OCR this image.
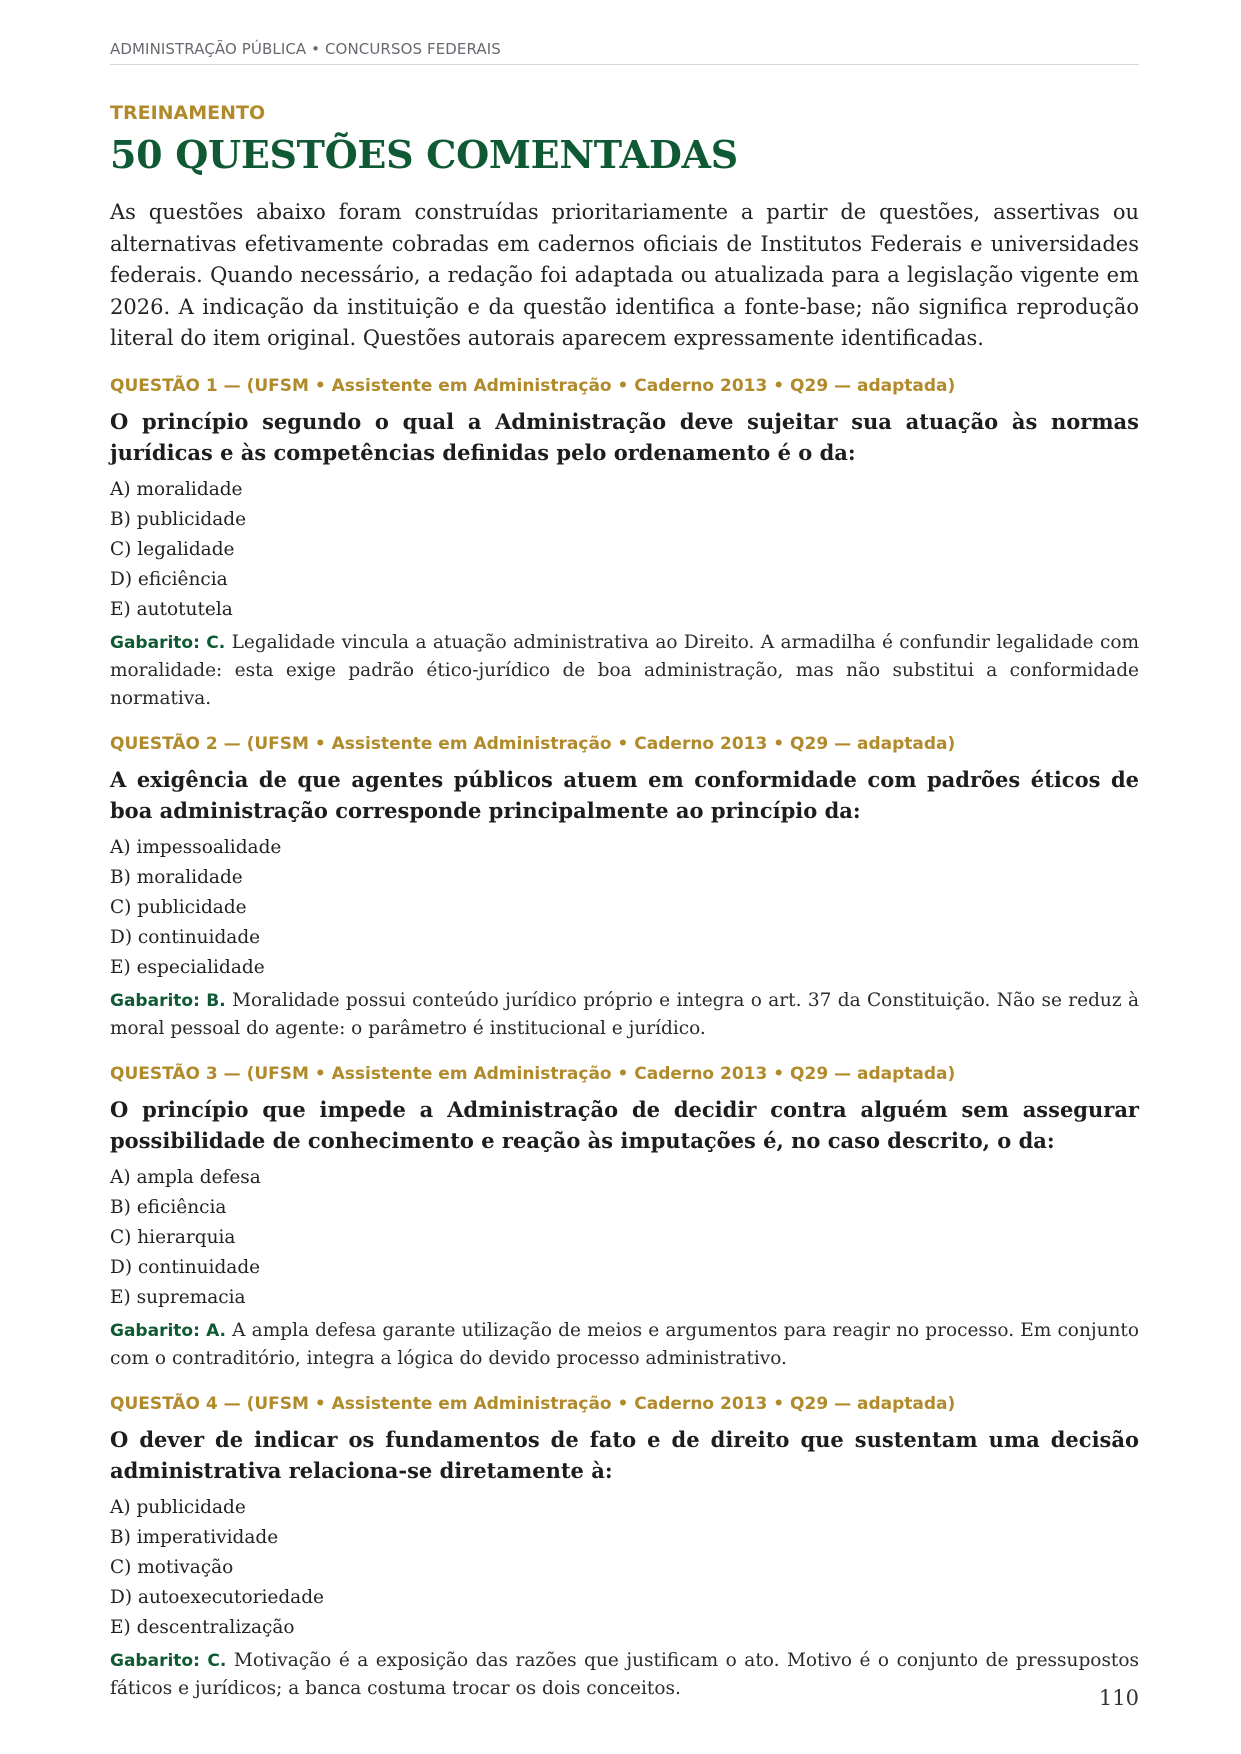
ADMINISTRAÇÃO PÚBLICA • CONCURSOS FEDERAIS

TREINAMENTO

50 QUESTÕES COMENTADAS

As questões abaixo foram construídas prioritariamente a partir de questões, assertivas ou alternativas efetivamente cobradas em cadernos oficiais de Institutos Federais e universidades federais. Quando necessário, a redação foi adaptada ou atualizada para a legislação vigente em 2026. A indicação da instituição e da questão identifica a fonte-base; não significa reprodução literal do item original. Questões autorais aparecem expressamente identificadas.

QUESTÃO 1 — (UFSM • Assistente em Administração • Caderno 2013 • Q29 — adaptada)
O princípio segundo o qual a Administração deve sujeitar sua atuação às normas jurídicas e às competências definidas pelo ordenamento é o da:
A) moralidade
B) publicidade
C) legalidade
D) eficiência
E) autotutela

Gabarito: C. Legalidade vincula a atuação administrativa ao Direito. A armadilha é confundir legalidade com moralidade: esta exige padrão ético-jurídico de boa administração, mas não substitui a conformidade normativa.

QUESTÃO 2 — (UFSM • Assistente em Administração • Caderno 2013 • Q29 — adaptada)
A exigência de que agentes públicos atuem em conformidade com padrões éticos de boa administração corresponde principalmente ao princípio da:
A) impessoalidade
B) moralidade
C) publicidade
D) continuidade
E) especialidade

Gabarito: B. Moralidade possui conteúdo jurídico próprio e integra o art. 37 da Constituição. Não se reduz à moral pessoal do agente: o parâmetro é institucional e jurídico.

QUESTÃO 3 — (UFSM • Assistente em Administração • Caderno 2013 • Q29 — adaptada)
O princípio que impede a Administração de decidir contra alguém sem assegurar possibilidade de conhecimento e reação às imputações é, no caso descrito, o da:
A) ampla defesa
B) eficiência
C) hierarquia
D) continuidade
E) supremacia

Gabarito: A. A ampla defesa garante utilização de meios e argumentos para reagir no processo. Em conjunto com o contraditório, integra a lógica do devido processo administrativo.

QUESTÃO 4 — (UFSM • Assistente em Administração • Caderno 2013 • Q29 — adaptada)
O dever de indicar os fundamentos de fato e de direito que sustentam uma decisão administrativa relaciona-se diretamente à:
A) publicidade
B) imperatividade
C) motivação
D) autoexecutoriedade
E) descentralização

Gabarito: C. Motivação é a exposição das razões que justificam o ato. Motivo é o conjunto de pressupostos fáticos e jurídicos; a banca costuma trocar os dois conceitos.	110
